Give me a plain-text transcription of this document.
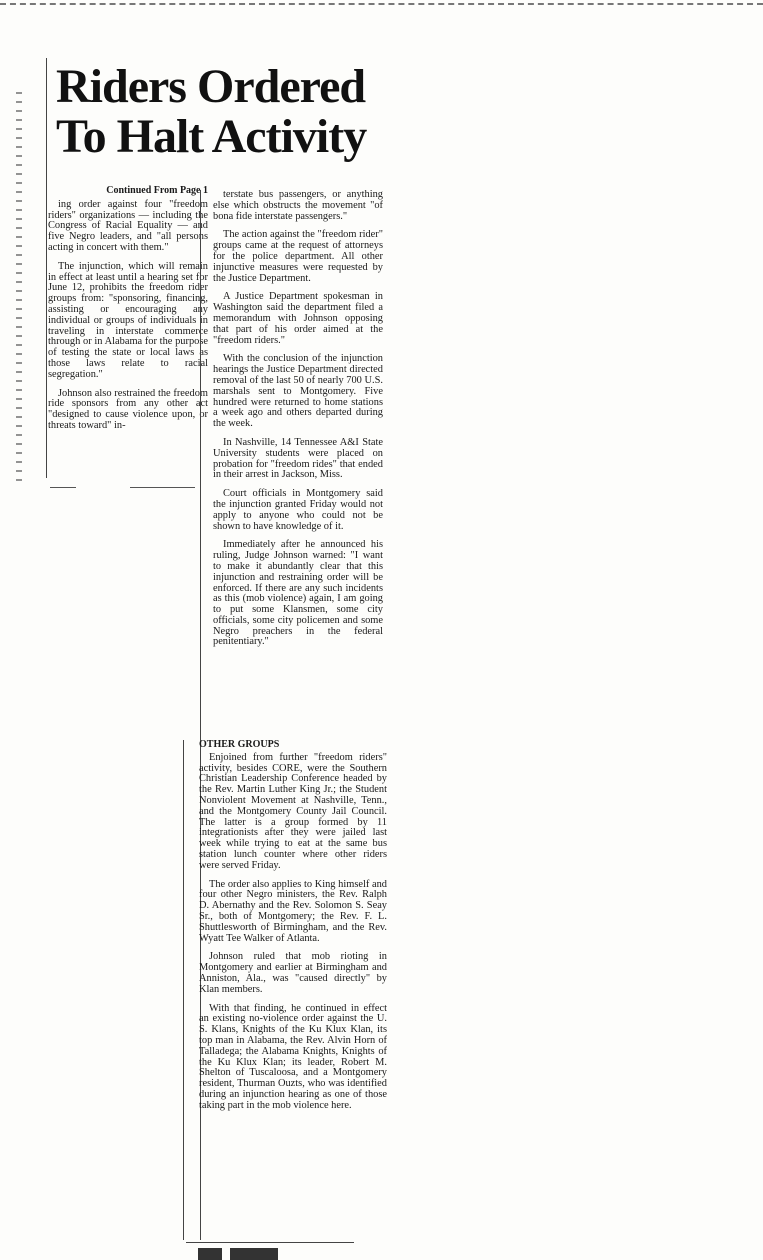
Riders Ordered
To Halt Activity

Continued From Page 1

ing order against four "freedom riders" organizations — including the Congress of Racial Equality — and five Negro leaders, and "all persons acting in concert with them."

The injunction, which will remain in effect at least until a hearing set for June 12, prohibits the freedom rider groups from: "sponsoring, financing, assisting or encouraging any individual or groups of individuals in traveling in interstate commerce through or in Alabama for the purpose of testing the state or local laws as those laws relate to racial segregation."

Johnson also restrained the freedom ride sponsors from any other act "designed to cause violence upon, or threats toward" in-

terstate bus passengers, or anything else which obstructs the movement "of bona fide interstate passengers."

The action against the "freedom rider" groups came at the request of attorneys for the police department. All other injunctive measures were requested by the Justice Department.

A Justice Department spokesman in Washington said the department filed a memorandum with Johnson opposing that part of his order aimed at the "freedom riders."

With the conclusion of the injunction hearings the Justice Department directed removal of the last 50 of nearly 700 U.S. marshals sent to Montgomery. Five hundred were returned to home stations a week ago and others departed during the week.

In Nashville, 14 Tennessee A&I State University students were placed on probation for "freedom rides" that ended in their arrest in Jackson, Miss.

Court officials in Montgomery said the injunction granted Friday would not apply to anyone who could not be shown to have knowledge of it.

Immediately after he announced his ruling, Judge Johnson warned: "I want to make it abundantly clear that this injunction and restraining order will be enforced. If there are any such incidents as this (mob violence) again, I am going to put some Klansmen, some city officials, some city policemen and some Negro preachers in the federal penitentiary."

OTHER GROUPS

Enjoined from further "freedom riders" activity, besides CORE, were the Southern Christian Leadership Conference headed by the Rev. Martin Luther King Jr.; the Student Nonviolent Movement at Nashville, Tenn., and the Montgomery County Jail Council. The latter is a group formed by 11 integrationists after they were jailed last week while trying to eat at the same bus station lunch counter where other riders were served Friday.

The order also applies to King himself and four other Negro ministers, the Rev. Ralph D. Abernathy and the Rev. Solomon S. Seay Sr., both of Montgomery; the Rev. F. L. Shuttlesworth of Birmingham, and the Rev. Wyatt Tee Walker of Atlanta.

Johnson ruled that mob rioting in Montgomery and earlier at Birmingham and Anniston, Ala., was "caused directly" by Klan members.

With that finding, he continued in effect an existing no-violence order against the U. S. Klans, Knights of the Ku Klux Klan, its top man in Alabama, the Rev. Alvin Horn of Talladega; the Alabama Knights, Knights of the Ku Klux Klan; its leader, Robert M. Shelton of Tuscaloosa, and a Montgomery resident, Thurman Ouzts, who was identified during an injunction hearing as one of those taking part in the mob violence here.
